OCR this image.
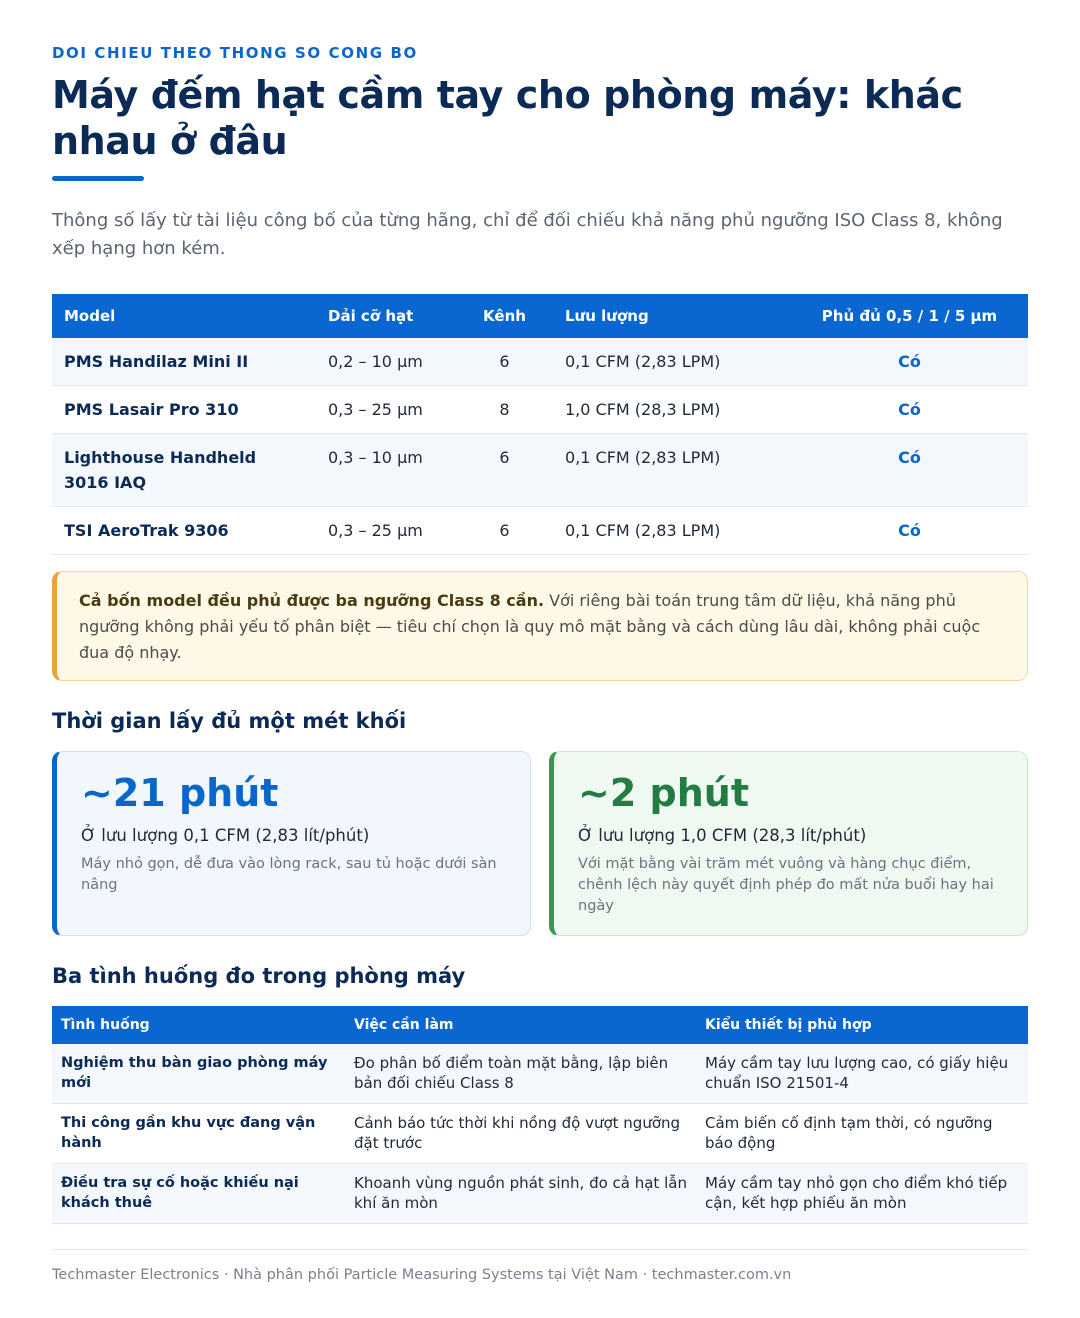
DOI CHIEU THEO THONG SO CONG BO
Máy đếm hạt cầm tay cho phòng máy: khác nhau ở đâu

Thông số lấy từ tài liệu công bố của từng hãng, chỉ để đối chiếu khả năng phủ ngưỡng ISO Class 8, không xếp hạng hơn kém.

Model	Dải cỡ hạt	Kênh	Lưu lượng	Phủ đủ 0,5 / 1 / 5 µm
PMS Handilaz Mini II	0,2 – 10 µm	6	0,1 CFM (2,83 LPM)	Có
PMS Lasair Pro 310	0,3 – 25 µm	8	1,0 CFM (28,3 LPM)	Có
Lighthouse Handheld 3016 IAQ	0,3 – 10 µm	6	0,1 CFM (2,83 LPM)	Có
TSI AeroTrak 9306	0,3 – 25 µm	6	0,1 CFM (2,83 LPM)	Có
Cả bốn model đều phủ được ba ngưỡng Class 8 cần. Với riêng bài toán trung tâm dữ liệu, khả năng phủ ngưỡng không phải yếu tố phân biệt — tiêu chí chọn là quy mô mặt bằng và cách dùng lâu dài, không phải cuộc đua độ nhạy.
Thời gian lấy đủ một mét khối
~21 phút
Ở lưu lượng 0,1 CFM (2,83 lít/phút)
Máy nhỏ gọn, dễ đưa vào lòng rack, sau tủ hoặc dưới sàn nâng
~2 phút
Ở lưu lượng 1,0 CFM (28,3 lít/phút)
Với mặt bằng vài trăm mét vuông và hàng chục điểm, chênh lệch này quyết định phép đo mất nửa buổi hay hai ngày
Ba tình huống đo trong phòng máy
Tình huống	Việc cần làm	Kiểu thiết bị phù hợp
Nghiệm thu bàn giao phòng máy mới	Đo phân bố điểm toàn mặt bằng, lập biên bản đối chiếu Class 8	Máy cầm tay lưu lượng cao, có giấy hiệu chuẩn ISO 21501-4
Thi công gần khu vực đang vận hành	Cảnh báo tức thời khi nồng độ vượt ngưỡng đặt trước	Cảm biến cố định tạm thời, có ngưỡng báo động
Điều tra sự cố hoặc khiếu nại khách thuê	Khoanh vùng nguồn phát sinh, đo cả hạt lẫn khí ăn mòn	Máy cầm tay nhỏ gọn cho điểm khó tiếp cận, kết hợp phiếu ăn mòn
Techmaster Electronics · Nhà phân phối Particle Measuring Systems tại Việt Nam · techmaster.com.vn
